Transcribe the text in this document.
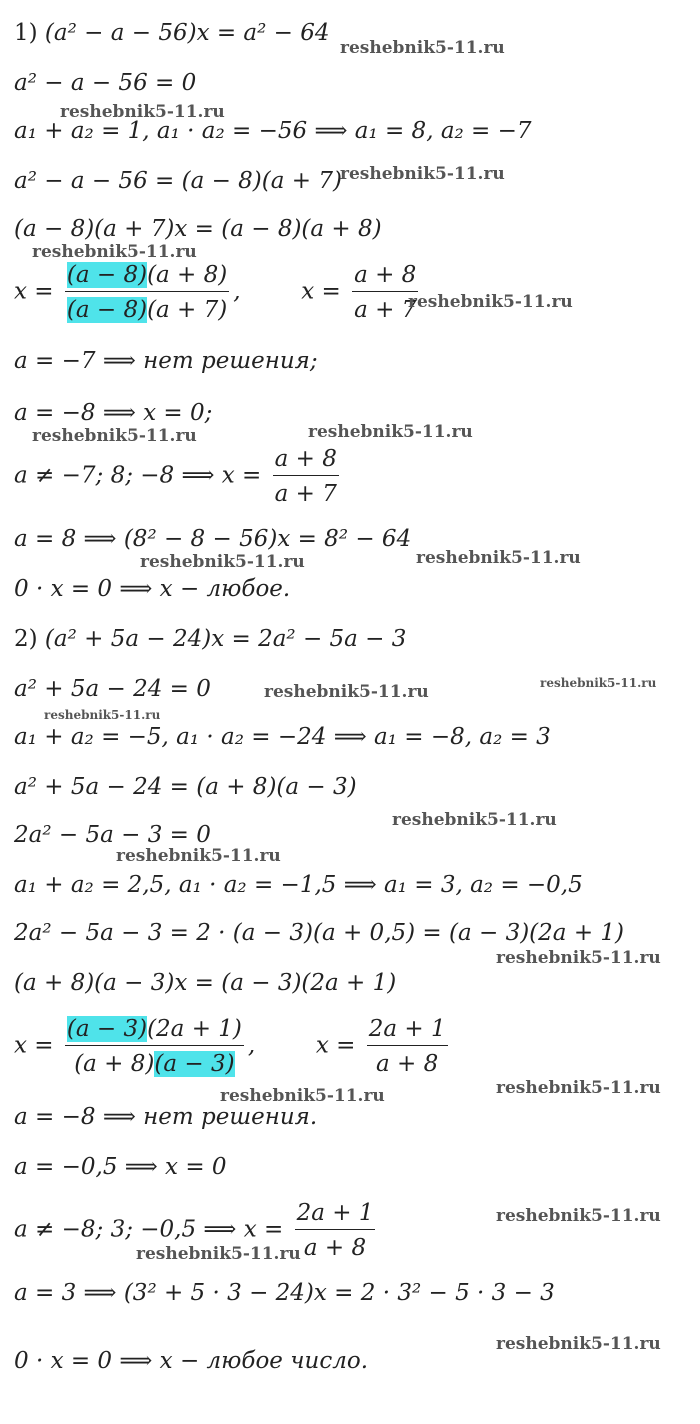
1) (a² − a − 56)x = a² − 64
a² − a − 56 = 0
a₁ + a₂ = 1, a₁ · a₂ = −56 ⟹ a₁ = 8, a₂ = −7
a² − a − 56 = (a − 8)(a + 7)
(a − 8)(a + 7)x = (a − 8)(a + 8)
$x = \frac{(a - 8)(a + 8)}{(a - 8)(a + 7)}$ ,	$x = \frac{a + 8}{a + 7}$
a = −7 ⟹ нет решения;
a = −8 ⟹ x = 0;
a ≠ −7; 8; −8 ⟹ $x = \frac{a + 8}{a + 7}$
a = 8 ⟹ (8² − 8 − 56)x = 8² − 64
0 · x = 0 ⟹ x − любое.
2) (a² + 5a − 24)x = 2a² − 5a − 3
a² + 5a − 24 = 0
a₁ + a₂ = −5, a₁ · a₂ = −24 ⟹ a₁ = −8, a₂ = 3
a² + 5a − 24 = (a + 8)(a − 3)
2a² − 5a − 3 = 0
a₁ + a₂ = 2,5, a₁ · a₂ = −1,5 ⟹ a₁ = 3, a₂ = −0,5
2a² − 5a − 3 = 2 · (a − 3)(a + 0,5) = (a − 3)(2a + 1)
(a + 8)(a − 3)x = (a − 3)(2a + 1)
$x = \frac{(a - 3)(2a + 1)}{(a + 8)(a - 3)}$ ,	$x = \frac{2a + 1}{a + 8}$
a = −8 ⟹ нет решения.
a = −0,5 ⟹ x = 0
a ≠ −8; 3; −0,5 ⟹ $x = \frac{2a + 1}{a + 8}$
a = 3 ⟹ (3² + 5 · 3 − 24)x = 2 · 3² − 5 · 3 − 3
0 · x = 0 ⟹ x − любое число.
reshebnik5-11.ru
reshebnik5-11.ru
reshebnik5-11.ru
reshebnik5-11.ru
reshebnik5-11.ru
reshebnik5-11.ru	reshebnik5-11.ru
reshebnik5-11.ru	reshebnik5-11.ru
reshebnik5-11.ru	reshebnik5-11.ru
reshebnik5-11.ru
reshebnik5-11.ru
reshebnik5-11.ru
reshebnik5-11.ru
reshebnik5-11.ru
reshebnik5-11.ru
reshebnik5-11.ru
reshebnik5-11.ru
reshebnik5-11.ru
